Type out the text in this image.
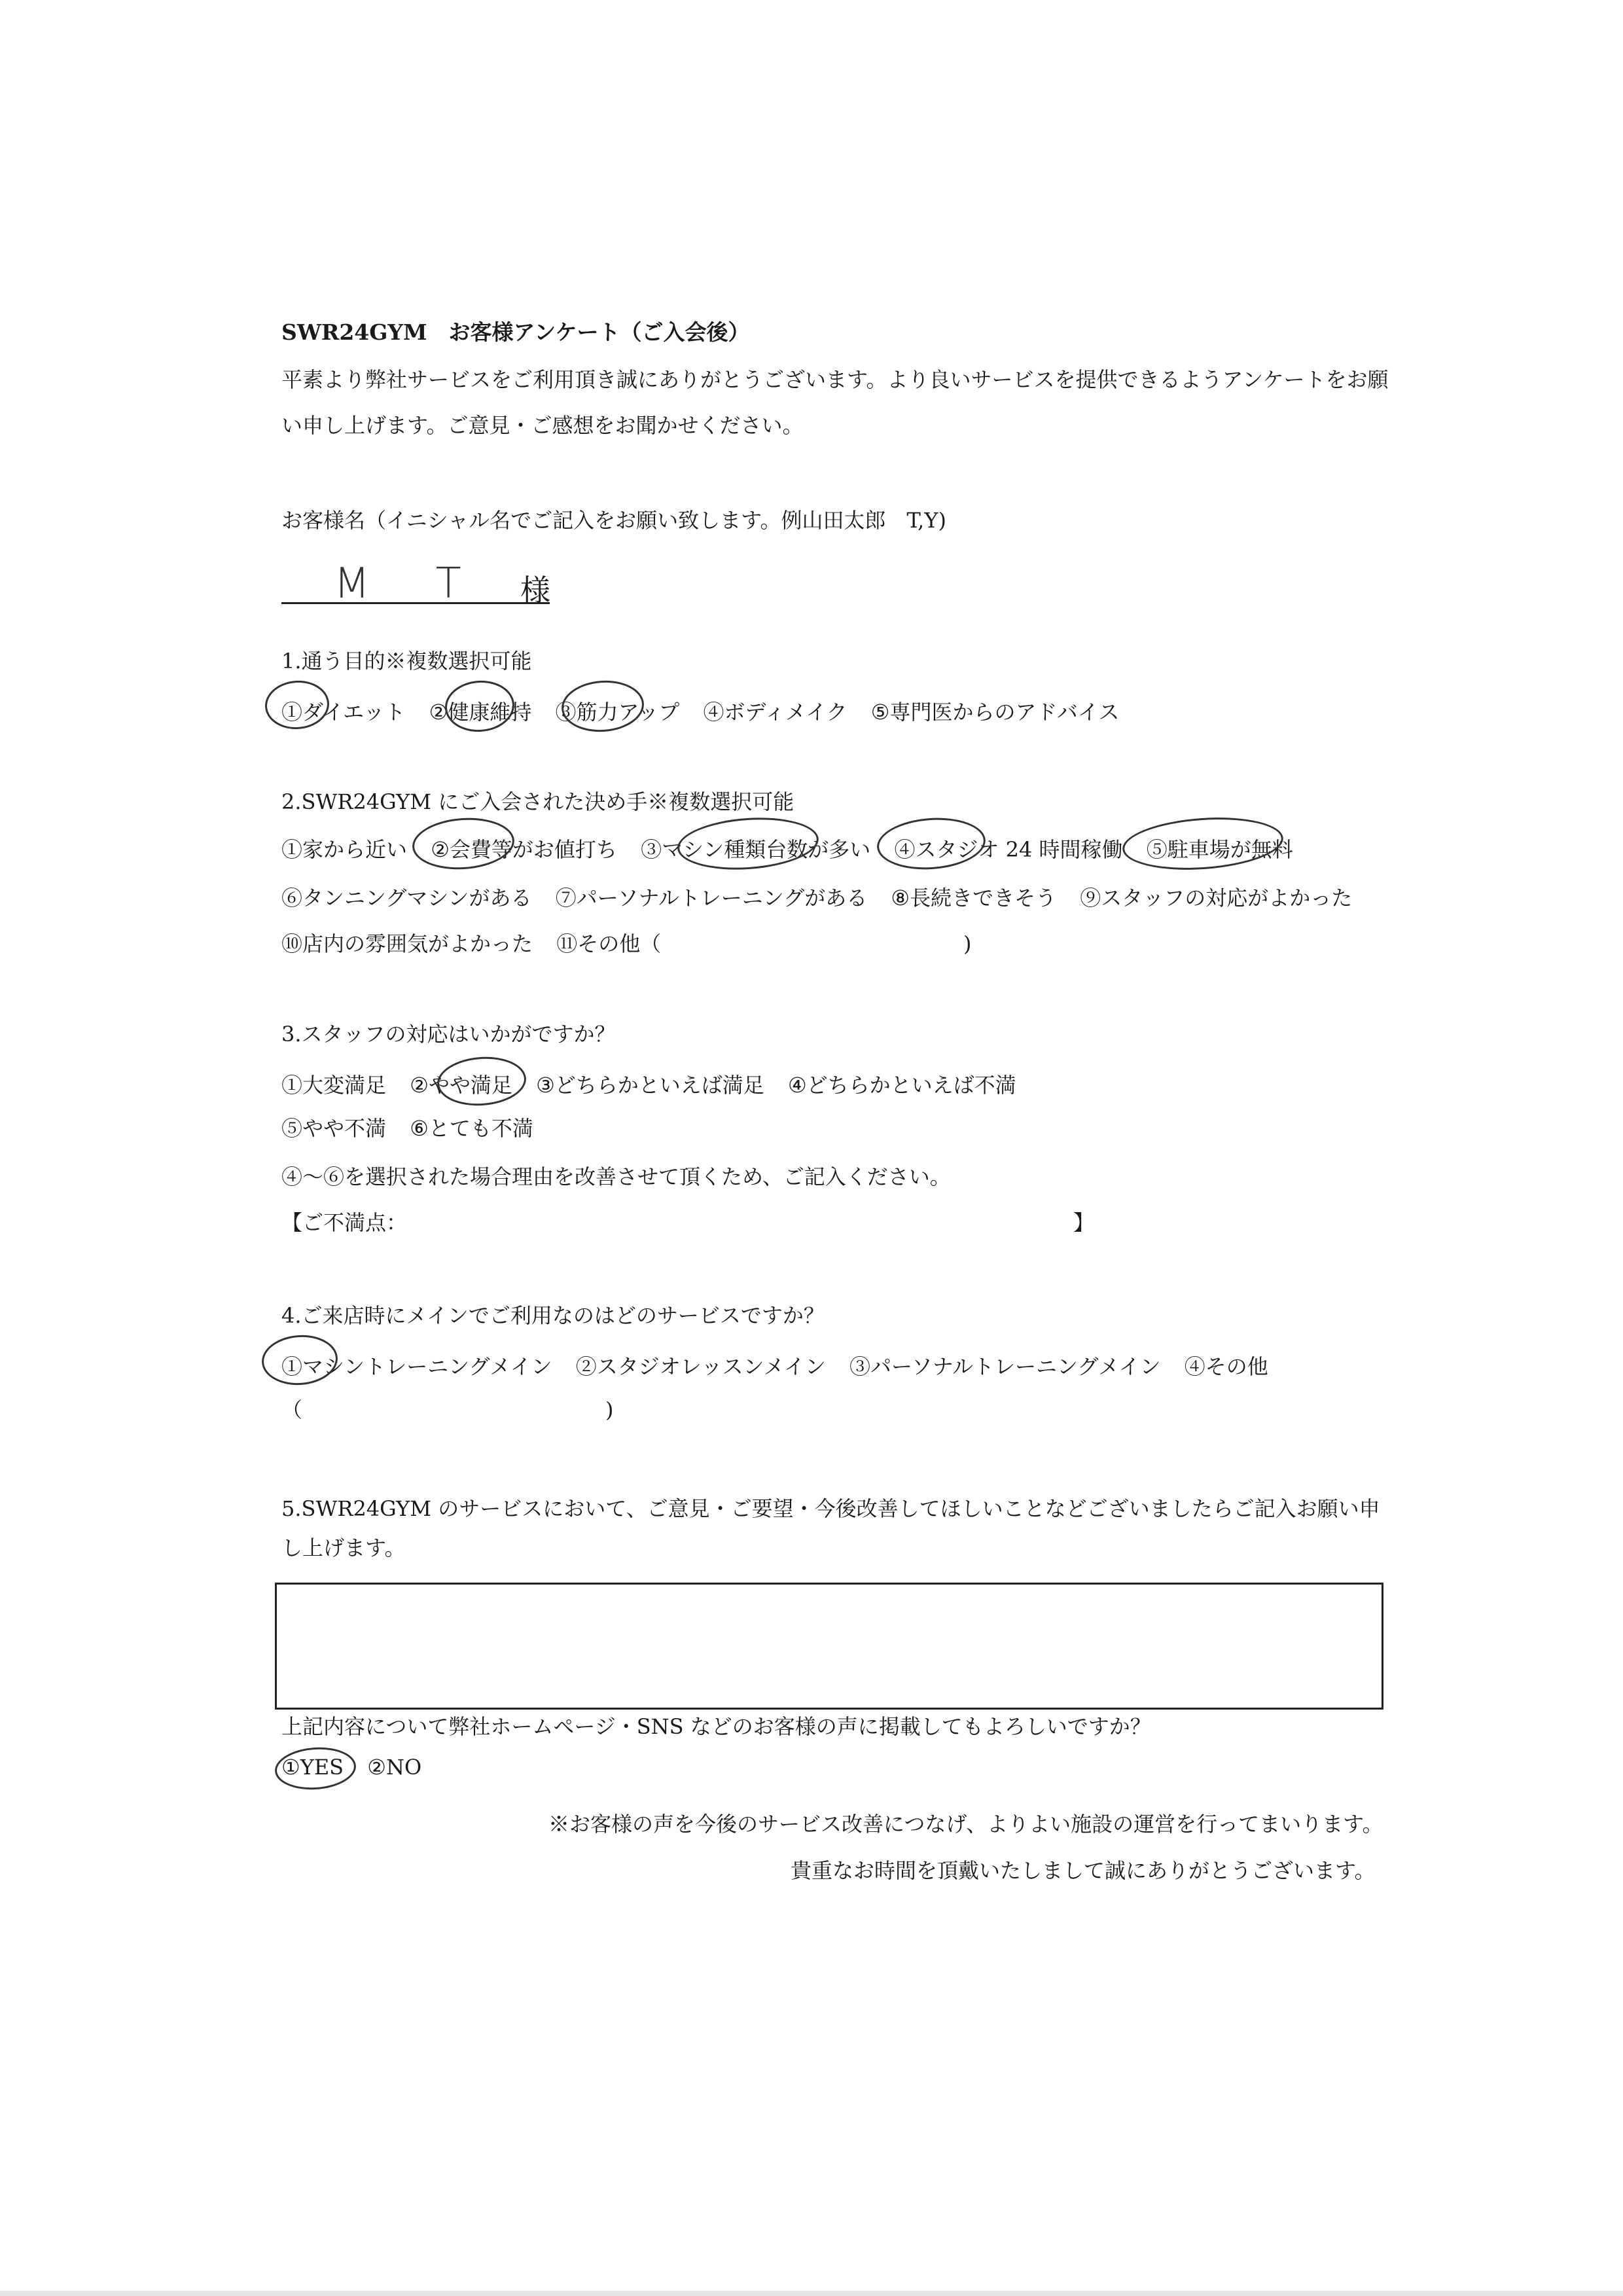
SWR24GYM　お客様アンケート（ご入会後）
平素より弊社サービスをご利用頂き誠にありがとうございます。より良いサービスを提供できるようアンケートをお願
い申し上げます。ご意見・ご感想をお聞かせください。
お客様名（イニシャル名でご記入をお願い致します。例山田太郎　T,Y)
M T 様
1.通う目的※複数選択可能
①ダイエット ②健康維持 ③筋力アップ ④ボディメイク ⑤専門医からのアドバイス
2.SWR24GYM にご入会された決め手※複数選択可能
①家から近い ②会費等がお値打ち ③マシン種類台数が多い ④スタジオ 24 時間稼働 ⑤駐車場が無料
⑥タンニングマシンがある ⑦パーソナルトレーニングがある ⑧長続きできそう ⑨スタッフの対応がよかった
⑩店内の雰囲気がよかった ⑪その他（	)
3.スタッフの対応はいかがですか？
①大変満足 ②やや満足 ③どちらかといえば満足 ④どちらかといえば不満
⑤やや不満 ⑥とても不満
④～⑥を選択された場合理由を改善させて頂くため、ご記入ください。
【ご不満点：	】
4.ご来店時にメインでご利用なのはどのサービスですか？
①マシントレーニングメイン ②スタジオレッスンメイン ③パーソナルトレーニングメイン ④その他
（	)
5.SWR24GYM のサービスにおいて、ご意見・ご要望・今後改善してほしいことなどございましたらご記入お願い申
し上げます。
上記内容について弊社ホームページ・SNS などのお客様の声に掲載してもよろしいですか？
①YES ②NO
※お客様の声を今後のサービス改善につなげ、よりよい施設の運営を行ってまいります。
貴重なお時間を頂戴いたしまして誠にありがとうございます。
